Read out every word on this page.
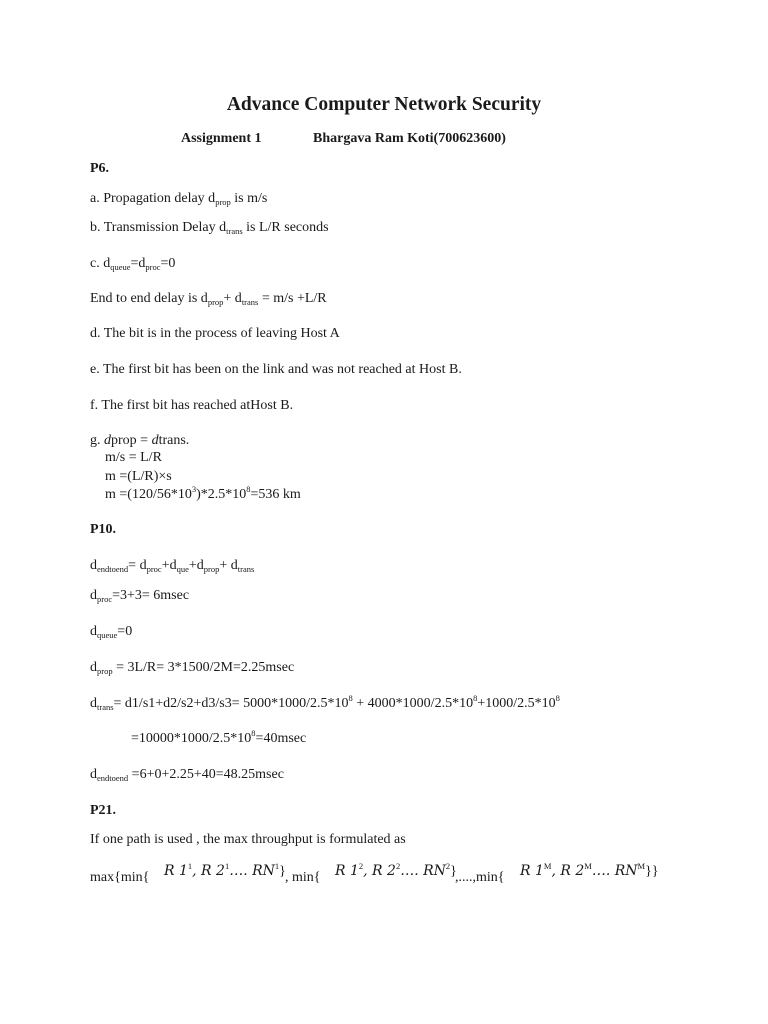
Advance Computer Network Security
Assignment 1	Bhargava Ram Koti(700623600)
P6.
a. Propagation delay $d_{prop}$ is m/s
b. Transmission Delay $d_{trans}$ is L/R seconds
c. $d_{queue}=d_{proc}=0$
End to end delay is $d_{prop}+ d_{trans} = m/s +L/R$
d. The bit is in the process of leaving Host A
e. The first bit has been on the link and was not reached at Host B.
f. The first bit has reached atHost B.
g. dprop = dtrans.
m/s = L/R
m =(L/R)×s
$m =(120/56*10^3)*2.5*10^8=536$ km
P10.
$d_{endtoend}= d_{proc}+d_{que}+d_{prop}+ d_{trans}$
$d_{proc}=3+3= 6msec$
$d_{queue}=0$
$d_{prop} = 3L/R= 3*1500/2M=2.25msec$
$d_{trans}= d1/s1+d2/s2+d3/s3= 5000*1000/2.5*10^8 + 4000*1000/2.5*10^8+1000/2.5*10^8$
$=10000*1000/2.5*10^8=40msec$
$d_{endtoend} =6+0+2.25+40=48.25msec$
P21.
If one path is used , the max throughput is formulated as
max{min{ R $1^1$, R $2^1\dots$. $RN^1$} , min{ R $1^2$, R $2^2\dots$. $RN^2$}
,....,min{ R $1^M$, R $2^M\dots$. $RN^M$}}
